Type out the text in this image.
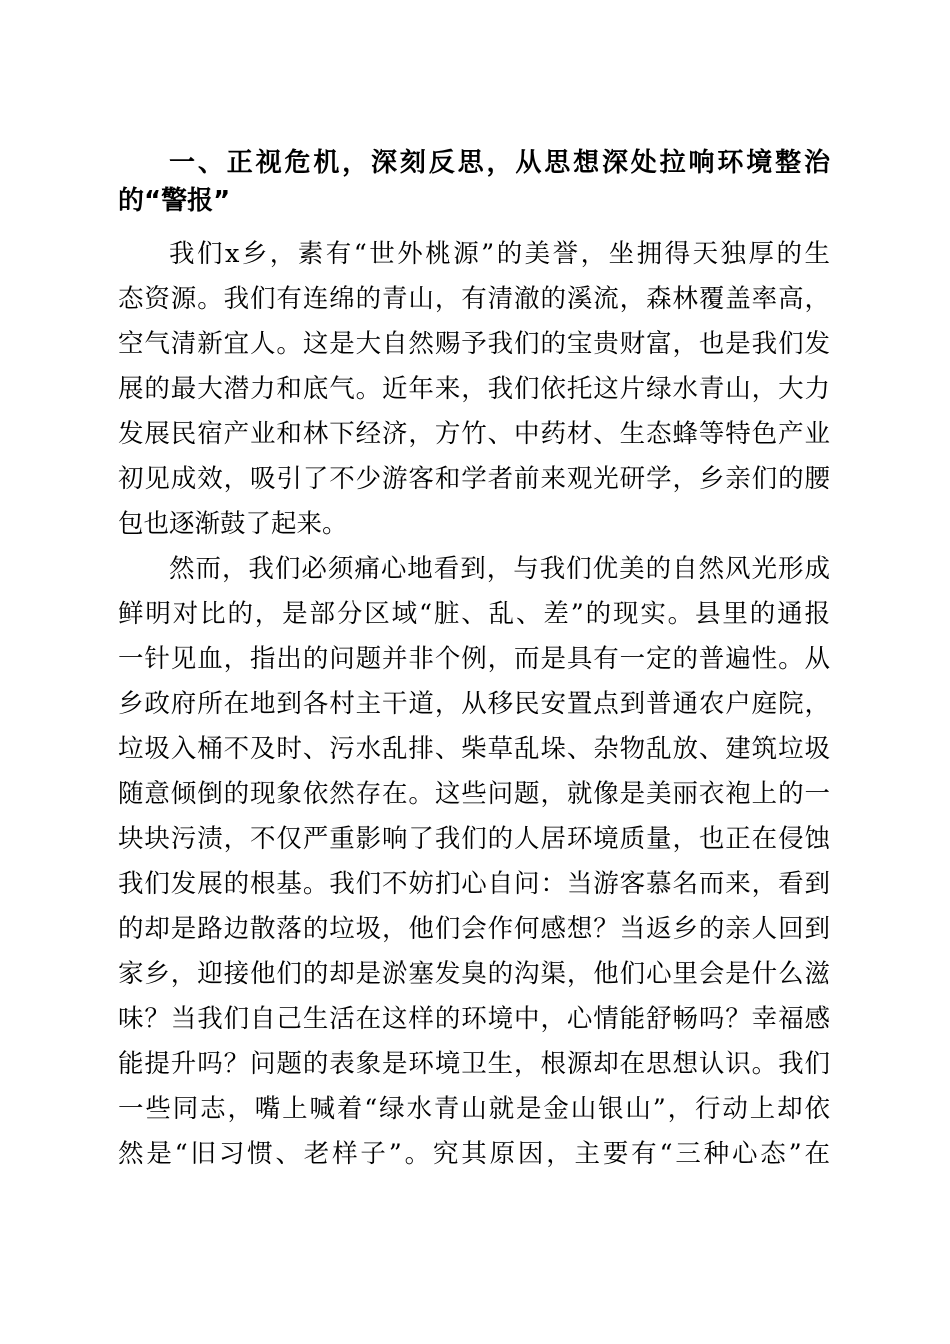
一、正视危机，深刻反思，从思想深处拉响环境整治
的“警报”
我们x乡，素有“世外桃源”的美誉，坐拥得天独厚的生
态资源。我们有连绵的青山，有清澈的溪流，森林覆盖率高，
空气清新宜人。这是大自然赐予我们的宝贵财富，也是我们发
展的最大潜力和底气。近年来，我们依托这片绿水青山，大力
发展民宿产业和林下经济，方竹、中药材、生态蜂等特色产业
初见成效，吸引了不少游客和学者前来观光研学，乡亲们的腰
包也逐渐鼓了起来。
然而，我们必须痛心地看到，与我们优美的自然风光形成
鲜明对比的，是部分区域“脏、乱、差”的现实。县里的通报
一针见血，指出的问题并非个例，而是具有一定的普遍性。从
乡政府所在地到各村主干道，从移民安置点到普通农户庭院，
垃圾入桶不及时、污水乱排、柴草乱垛、杂物乱放、建筑垃圾
随意倾倒的现象依然存在。这些问题，就像是美丽衣袍上的一
块块污渍，不仅严重影响了我们的人居环境质量，也正在侵蚀
我们发展的根基。我们不妨扪心自问：当游客慕名而来，看到
的却是路边散落的垃圾，他们会作何感想？当返乡的亲人回到
家乡，迎接他们的却是淤塞发臭的沟渠，他们心里会是什么滋
味？当我们自己生活在这样的环境中，心情能舒畅吗？幸福感
能提升吗？问题的表象是环境卫生，根源却在思想认识。我们
一些同志，嘴上喊着“绿水青山就是金山银山”，行动上却依
然是“旧习惯、老样子”。究其原因，主要有“三种心态”在
